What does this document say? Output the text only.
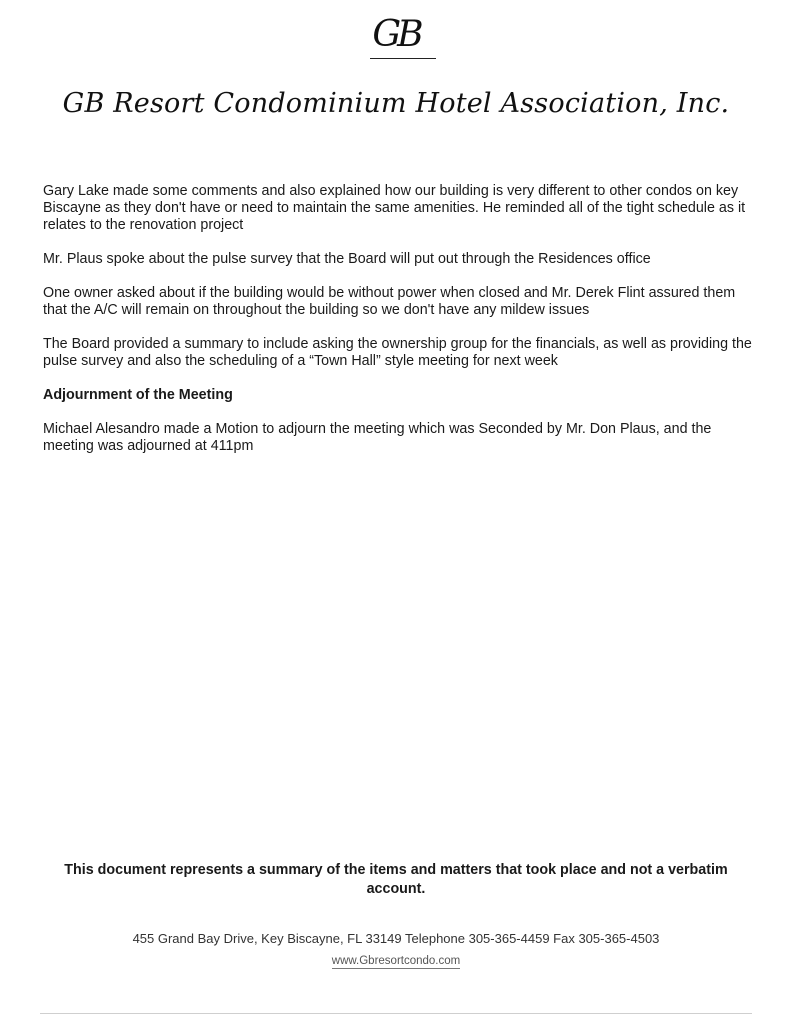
GB
GB Resort Condominium Hotel Association, Inc.

Gary Lake made some comments and also explained how our building is very different to other condos on key Biscayne as they don't have or need to maintain the same amenities. He reminded all of the tight schedule as it relates to the renovation project

Mr. Plaus spoke about the pulse survey that the Board will put out through the Residences office

One owner asked about if the building would be without power when closed and Mr. Derek Flint assured them that the A/C will remain on throughout the building so we don't have any mildew issues

The Board provided a summary to include asking the ownership group for the financials, as well as providing the pulse survey and also the scheduling of a “Town Hall” style meeting for next week

Adjournment of the Meeting

Michael Alesandro made a Motion to adjourn the meeting which was Seconded by Mr. Don Plaus, and the meeting was adjourned at 411pm

This document represents a summary of the items and matters that took place and not a verbatim account.
455 Grand Bay Drive, Key Biscayne, FL 33149 Telephone 305-365-4459 Fax 305-365-4503
www.Gbresortcondo.com
